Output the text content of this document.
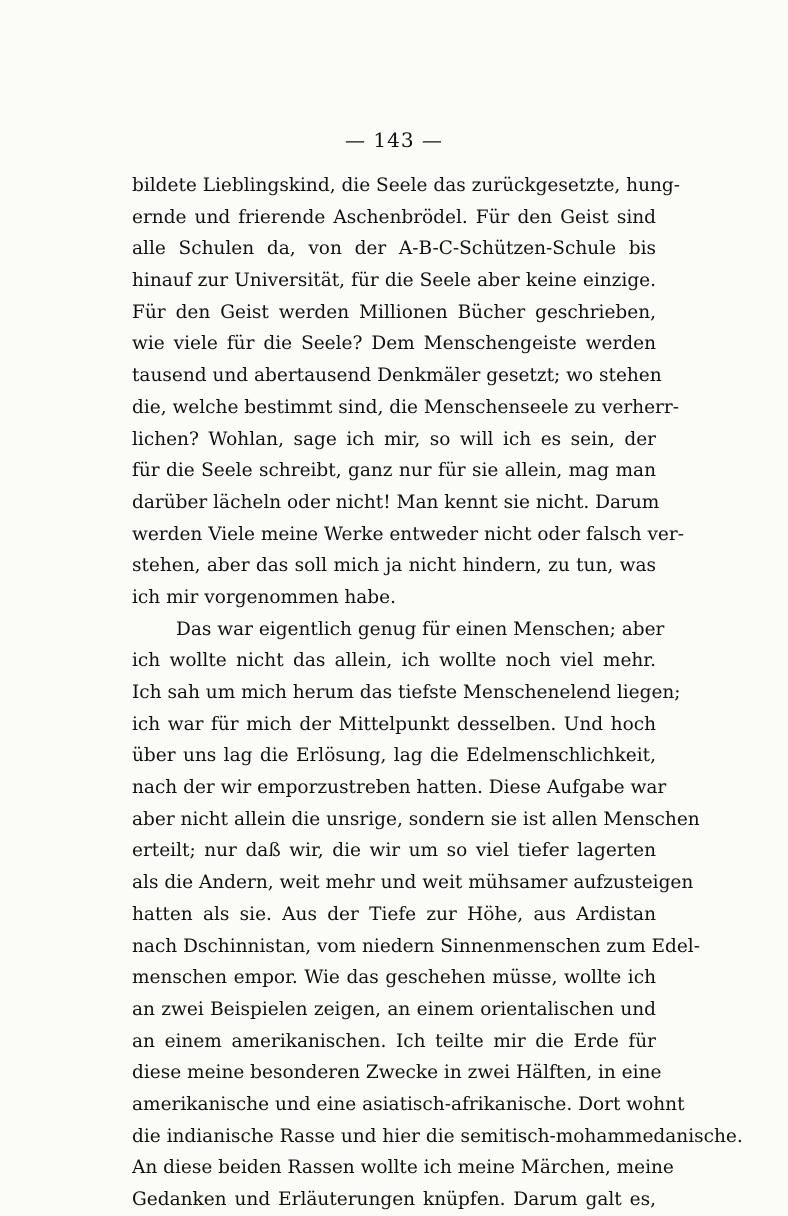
— 143 —
bildete Lieblingskind, die Seele das zurückgesetzte, hung-
ernde und frierende Aschenbrödel. Für den Geist sind
alle Schulen da, von der A-B-C-Schützen-Schule bis
hinauf zur Universität, für die Seele aber keine einzige.
Für den Geist werden Millionen Bücher geschrieben,
wie viele für die Seele? Dem Menschengeiste werden
tausend und abertausend Denkmäler gesetzt; wo stehen
die, welche bestimmt sind, die Menschenseele zu verherr-
lichen? Wohlan, sage ich mir, so will ich es sein, der
für die Seele schreibt, ganz nur für sie allein, mag man
darüber lächeln oder nicht! Man kennt sie nicht. Darum
werden Viele meine Werke entweder nicht oder falsch ver-
stehen, aber das soll mich ja nicht hindern, zu tun, was
ich mir vorgenommen habe.
Das war eigentlich genug für einen Menschen; aber
ich wollte nicht das allein, ich wollte noch viel mehr.
Ich sah um mich herum das tiefste Menschenelend liegen;
ich war für mich der Mittelpunkt desselben. Und hoch
über uns lag die Erlösung, lag die Edelmenschlichkeit,
nach der wir emporzustreben hatten. Diese Aufgabe war
aber nicht allein die unsrige, sondern sie ist allen Menschen
erteilt; nur daß wir, die wir um so viel tiefer lagerten
als die Andern, weit mehr und weit mühsamer aufzusteigen
hatten als sie. Aus der Tiefe zur Höhe, aus Ardistan
nach Dschinnistan, vom niedern Sinnenmenschen zum Edel-
menschen empor. Wie das geschehen müsse, wollte ich
an zwei Beispielen zeigen, an einem orientalischen und
an einem amerikanischen. Ich teilte mir die Erde für
diese meine besonderen Zwecke in zwei Hälften, in eine
amerikanische und eine asiatisch-afrikanische. Dort wohnt
die indianische Rasse und hier die semitisch-mohammedanische.
An diese beiden Rassen wollte ich meine Märchen, meine
Gedanken und Erläuterungen knüpfen. Darum galt es,
